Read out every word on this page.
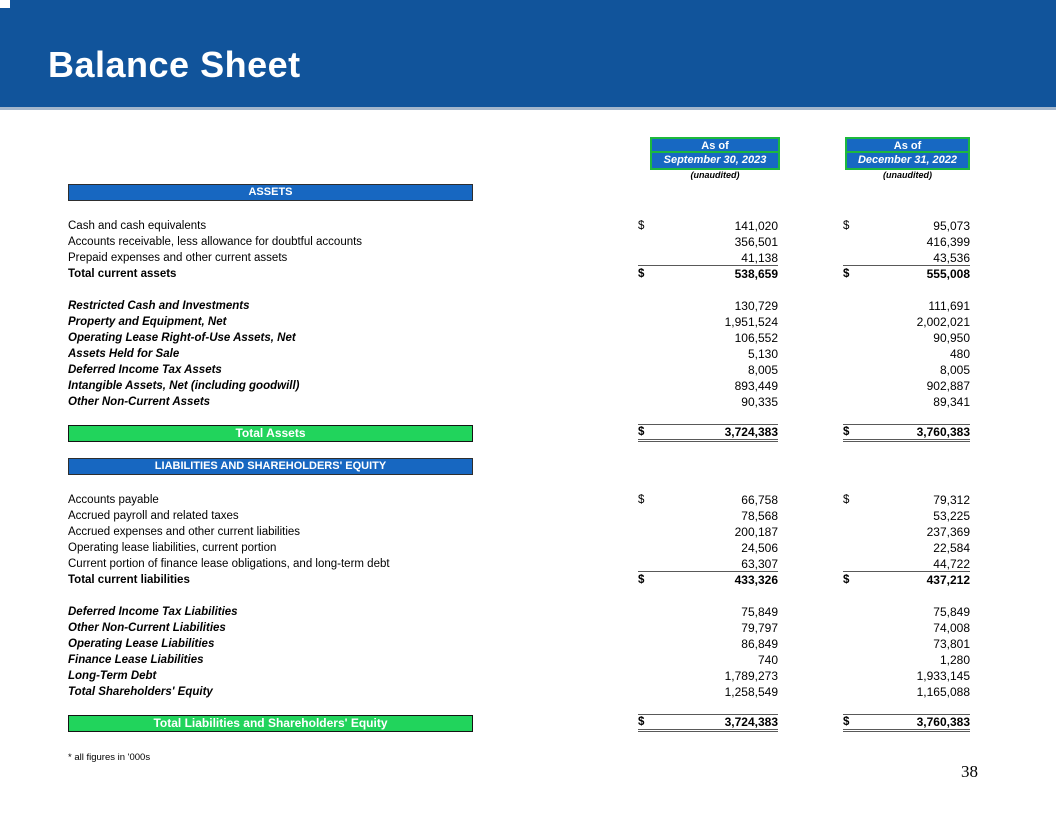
Balance Sheet
As of
September 30, 2023
(unaudited)
As of
December 31, 2022
(unaudited)
ASSETS
Cash and cash equivalents	$	141,020	$	95,073
Accounts receivable, less allowance for doubtful accounts	356,501	416,399
Prepaid expenses and other current assets	41,138	43,536
Total current assets	$	538,659	$	555,008
Restricted Cash and Investments	130,729	111,691
Property and Equipment, Net	1,951,524	2,002,021
Operating Lease Right-of-Use Assets, Net	106,552	90,950
Assets Held for Sale	5,130	480
Deferred Income Tax Assets	8,005	8,005
Intangible Assets, Net (including goodwill)	893,449	902,887
Other Non-Current Assets	90,335	89,341
Total Assets	$	3,724,383	$	3,760,383
LIABILITIES AND SHAREHOLDERS' EQUITY
Accounts payable	$	66,758	$	79,312
Accrued payroll and related taxes	78,568	53,225
Accrued expenses and other current liabilities	200,187	237,369
Operating lease liabilities, current portion	24,506	22,584
Current portion of finance lease obligations, and long-term debt	63,307	44,722
Total current liabilities	$	433,326	$	437,212
Deferred Income Tax Liabilities	75,849	75,849
Other Non-Current Liabilities	79,797	74,008
Operating Lease Liabilities	86,849	73,801
Finance Lease Liabilities	740	1,280
Long-Term Debt	1,789,273	1,933,145
Total Shareholders' Equity	1,258,549	1,165,088
Total Liabilities and Shareholders' Equity	$	3,724,383	$	3,760,383
* all figures in '000s
38
